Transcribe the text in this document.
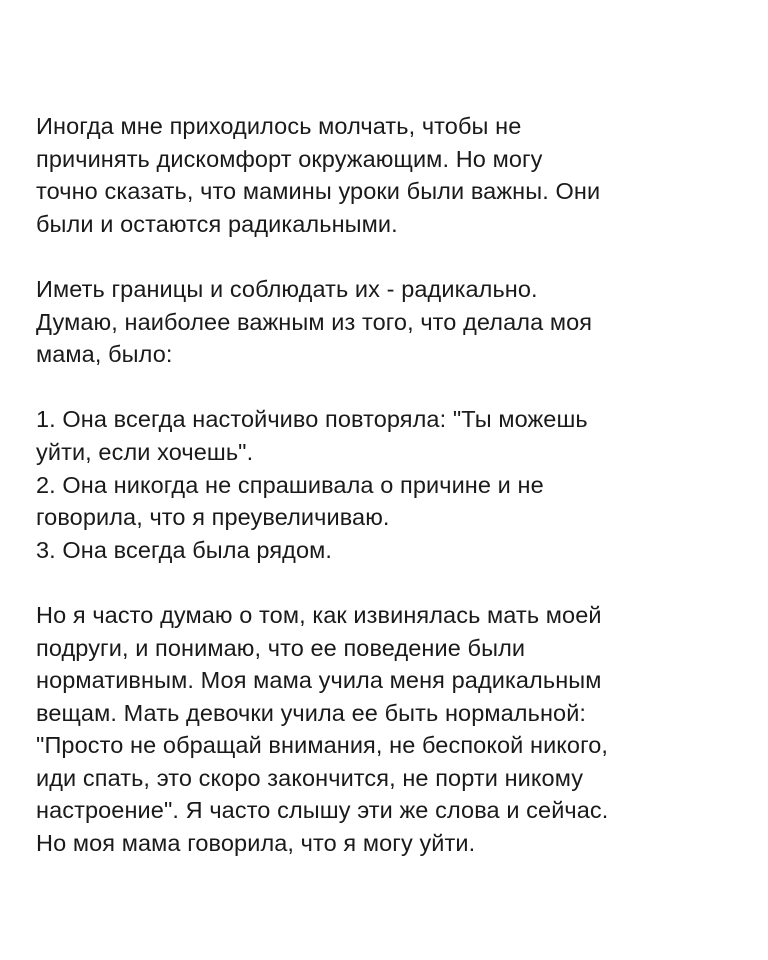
Иногда мне приходилось молчать, чтобы не
причинять дискомфорт окружающим. Но могу
точно сказать, что мамины уроки были важны. Они
были и остаются радикальными.
Иметь границы и соблюдать их - радикально.
Думаю, наиболее важным из того, что делала моя
мама, было:
1. Она всегда настойчиво повторяла: "Ты можешь
уйти, если хочешь".
2. Она никогда не спрашивала о причине и не
говорила, что я преувеличиваю.
3. Она всегда была рядом.
Но я часто думаю о том, как извинялась мать моей
подруги, и понимаю, что ее поведение были
нормативным. Моя мама учила меня радикальным
вещам. Мать девочки учила ее быть нормальной:
"Просто не обращай внимания, не беспокой никого,
иди спать, это скоро закончится, не порти никому
настроение". Я часто слышу эти же слова и сейчас.
Но моя мама говорила, что я могу уйти.
